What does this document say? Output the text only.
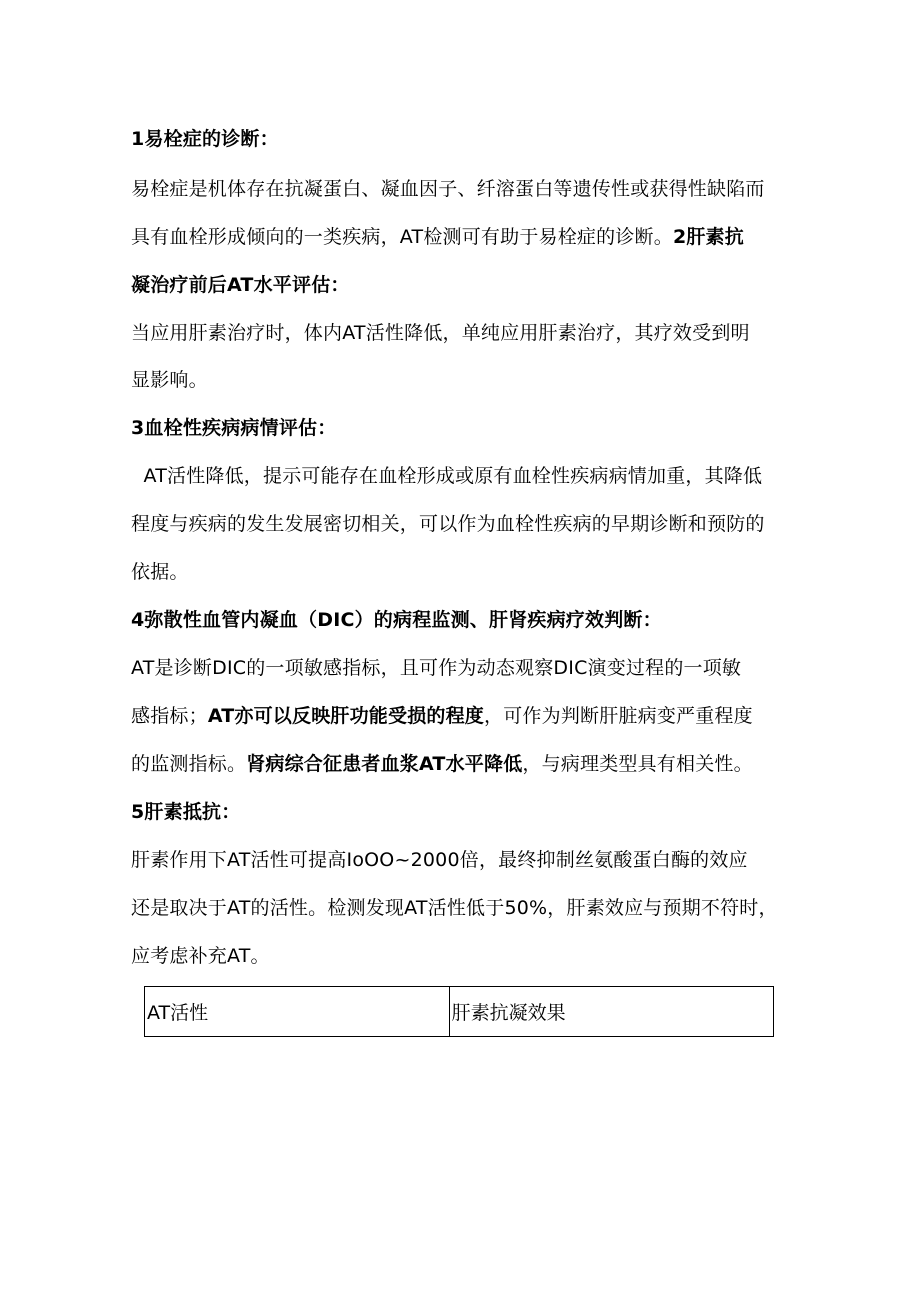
1易栓症的诊断：
易栓症是机体存在抗凝蛋白、凝血因子、纤溶蛋白等遗传性或获得性缺陷而
具有血栓形成倾向的一类疾病，AT检测可有助于易栓症的诊断。2肝素抗
凝治疗前后AT水平评估：
当应用肝素治疗时，体内AT活性降低，单纯应用肝素治疗，其疗效受到明
显影响。
3血栓性疾病病情评估：
AT活性降低，提示可能存在血栓形成或原有血栓性疾病病情加重，其降低
程度与疾病的发生发展密切相关，可以作为血栓性疾病的早期诊断和预防的
依据。
4弥散性血管内凝血（DIC）的病程监测、肝肾疾病疗效判断：
AT是诊断DIC的一项敏感指标，且可作为动态观察DIC演变过程的一项敏
感指标；AT亦可以反映肝功能受损的程度，可作为判断肝脏病变严重程度
的监测指标。肾病综合征患者血浆AT水平降低，与病理类型具有相关性。
5肝素抵抗：
肝素作用下AT活性可提高IoOO~2000倍，最终抑制丝氨酸蛋白酶的效应
还是取决于AT的活性。检测发现AT活性低于50%，肝素效应与预期不符时，
应考虑补充AT。
AT活性	肝素抗凝效果
